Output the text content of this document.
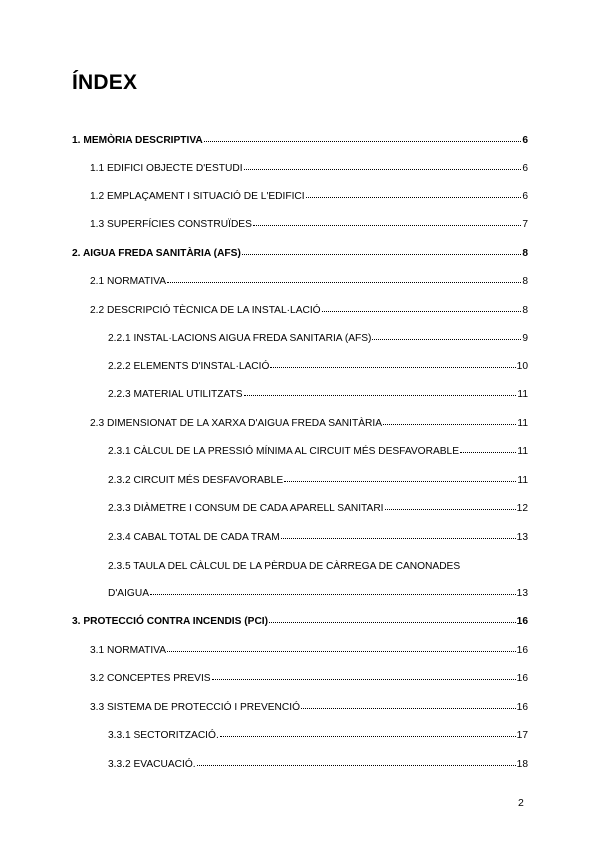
ÍNDEX
1. MEMÒRIA DESCRIPTIVA	6
1.1 EDIFICI OBJECTE D'ESTUDI	6
1.2 EMPLAÇAMENT I SITUACIÓ DE L'EDIFICI	6
1.3 SUPERFÍCIES CONSTRUÏDES	7
2. AIGUA FREDA SANITÀRIA (AFS)	8
2.1 NORMATIVA	8
2.2 DESCRIPCIÓ TÈCNICA DE LA INSTAL·LACIÓ	8
2.2.1 INSTAL·LACIONS AIGUA FREDA SANITARIA (AFS)	9
2.2.2 ELEMENTS D'INSTAL·LACIÓ	10
2.2.3 MATERIAL UTILITZATS	11
2.3 DIMENSIONAT DE LA XARXA D'AIGUA FREDA SANITÀRIA	11
2.3.1 CÀLCUL DE LA PRESSIÓ MÍNIMA AL CIRCUIT MÉS DESFAVORABLE	11
2.3.2 CIRCUIT MÉS DESFAVORABLE	11
2.3.3 DIÀMETRE I CONSUM DE CADA APARELL SANITARI	12
2.3.4 CABAL TOTAL DE CADA TRAM	13
2.3.5 TAULA DEL CÀLCUL DE LA PÈRDUA DE CÀRREGA DE CANONADES
D'AIGUA	13
3. PROTECCIÓ CONTRA INCENDIS (PCI)	16
3.1 NORMATIVA	16
3.2 CONCEPTES PREVIS	16
3.3 SISTEMA DE PROTECCIÓ I PREVENCIÓ	16
3.3.1 SECTORITZACIÓ.	17
3.3.2 EVACUACIÓ.	18
2
